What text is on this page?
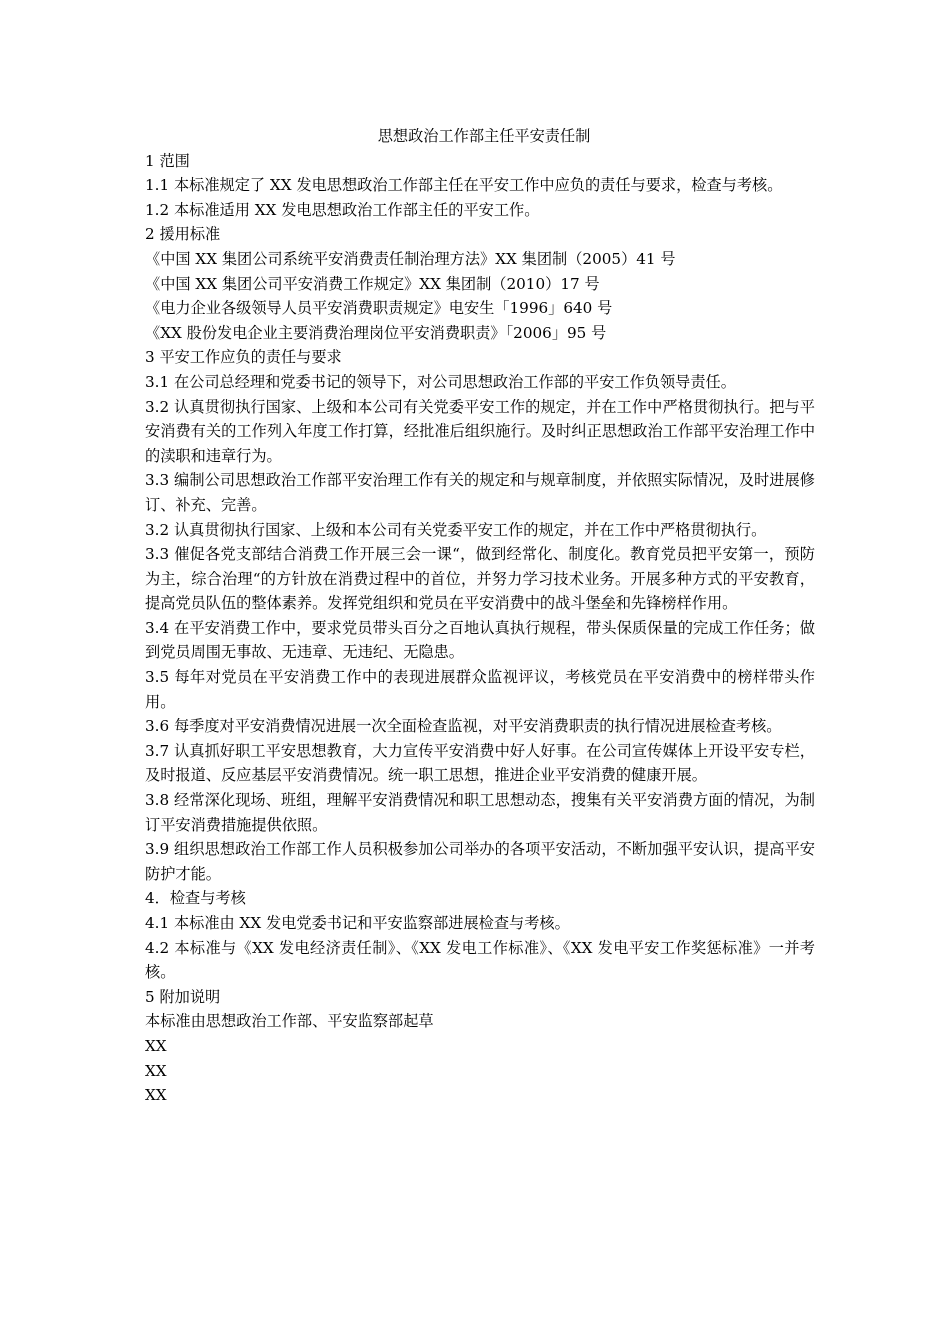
思想政治工作部主任平安责任制

1 范围

1.1 本标准规定了 XX 发电思想政治工作部主任在平安工作中应负的责任与要求，检查与考核。

1.2 本标准适用 XX 发电思想政治工作部主任的平安工作。

2 援用标准

《中国 XX 集团公司系统平安消费责任制治理方法》XX 集团制（2005）41 号

《中国 XX 集团公司平安消费工作规定》XX 集团制（2010）17 号

《电力企业各级领导人员平安消费职责规定》电安生「1996」640 号

《XX 股份发电企业主要消费治理岗位平安消费职责》「2006」95 号

3 平安工作应负的责任与要求

3.1 在公司总经理和党委书记的领导下，对公司思想政治工作部的平安工作负领导责任。

3.2 认真贯彻执行国家、上级和本公司有关党委平安工作的规定，并在工作中严格贯彻执行。把与平安消费有关的工作列入年度工作打算，经批准后组织施行。及时纠正思想政治工作部平安治理工作中的渎职和违章行为。

3.3 编制公司思想政治工作部平安治理工作有关的规定和与规章制度，并依照实际情况，及时进展修订、补充、完善。

3.2 认真贯彻执行国家、上级和本公司有关党委平安工作的规定，并在工作中严格贯彻执行。

3.3 催促各党支部结合消费工作开展三会一课“，做到经常化、制度化。教育党员把平安第一，预防为主，综合治理“的方针放在消费过程中的首位，并努力学习技术业务。开展多种方式的平安教育，提高党员队伍的整体素养。发挥党组织和党员在平安消费中的战斗堡垒和先锋榜样作用。

3.4 在平安消费工作中，要求党员带头百分之百地认真执行规程，带头保质保量的完成工作任务；做到党员周围无事故、无违章、无违纪、无隐患。

3.5 每年对党员在平安消费工作中的表现进展群众监视评议，考核党员在平安消费中的榜样带头作用。

3.6 每季度对平安消费情况进展一次全面检查监视，对平安消费职责的执行情况进展检查考核。

3.7 认真抓好职工平安思想教育，大力宣传平安消费中好人好事。在公司宣传媒体上开设平安专栏，及时报道、反应基层平安消费情况。统一职工思想，推进企业平安消费的健康开展。

3.8 经常深化现场、班组，理解平安消费情况和职工思想动态，搜集有关平安消费方面的情况，为制订平安消费措施提供依照。

3.9 组织思想政治工作部工作人员积极参加公司举办的各项平安活动，不断加强平安认识，提高平安防护才能。

4．检查与考核

4.1 本标准由 XX 发电党委书记和平安监察部进展检查与考核。

4.2 本标准与《XX 发电经济责任制》、《XX 发电工作标准》、《XX 发电平安工作奖惩标准》一并考核。

5 附加说明

本标准由思想政治工作部、平安监察部起草

XX

XX

XX
